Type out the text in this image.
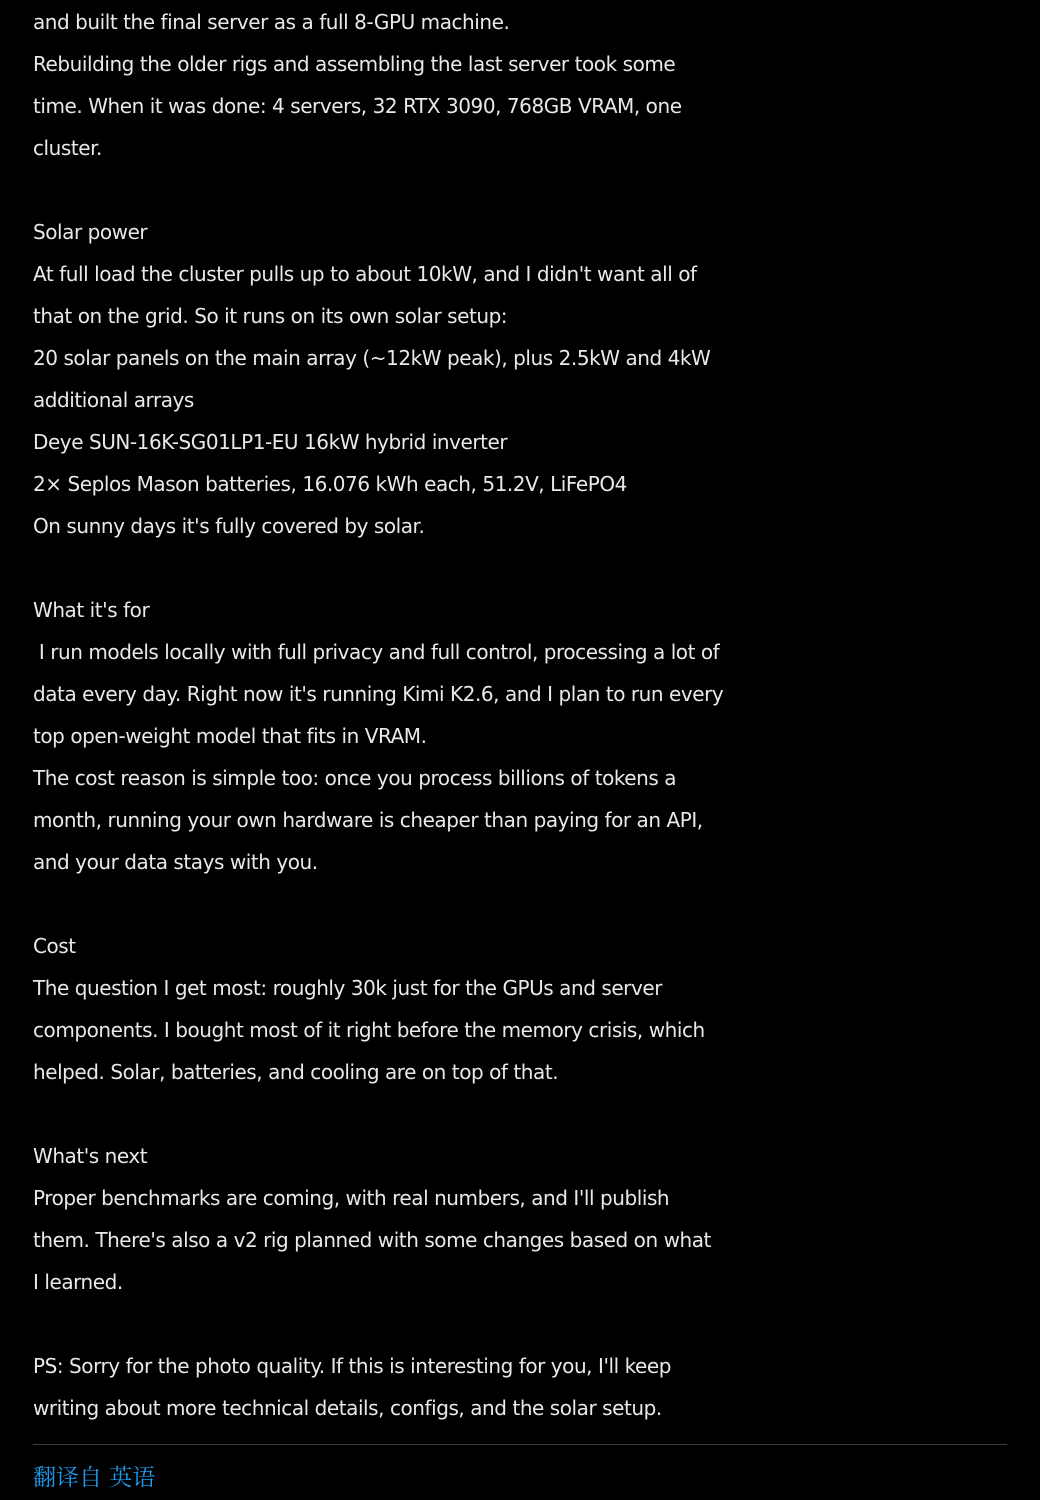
and built the final server as a full 8-GPU machine.
Rebuilding the older rigs and assembling the last server took some
time. When it was done: 4 servers, 32 RTX 3090, 768GB VRAM, one
cluster.
Solar power
At full load the cluster pulls up to about 10kW, and I didn't want all of
that on the grid. So it runs on its own solar setup:
20 solar panels on the main array (~12kW peak), plus 2.5kW and 4kW
additional arrays
Deye SUN-16K-SG01LP1-EU 16kW hybrid inverter
2× Seplos Mason batteries, 16.076 kWh each, 51.2V, LiFePO4
On sunny days it's fully covered by solar.
What it's for
I run models locally with full privacy and full control, processing a lot of
data every day. Right now it's running Kimi K2.6, and I plan to run every
top open-weight model that fits in VRAM.
The cost reason is simple too: once you process billions of tokens a
month, running your own hardware is cheaper than paying for an API,
and your data stays with you.
Cost
The question I get most: roughly 30k just for the GPUs and server
components. I bought most of it right before the memory crisis, which
helped. Solar, batteries, and cooling are on top of that.
What's next
Proper benchmarks are coming, with real numbers, and I'll publish
them. There's also a v2 rig planned with some changes based on what
I learned.
PS: Sorry for the photo quality. If this is interesting for you, I'll keep
writing about more technical details, configs, and the solar setup.
翻译自 英语
